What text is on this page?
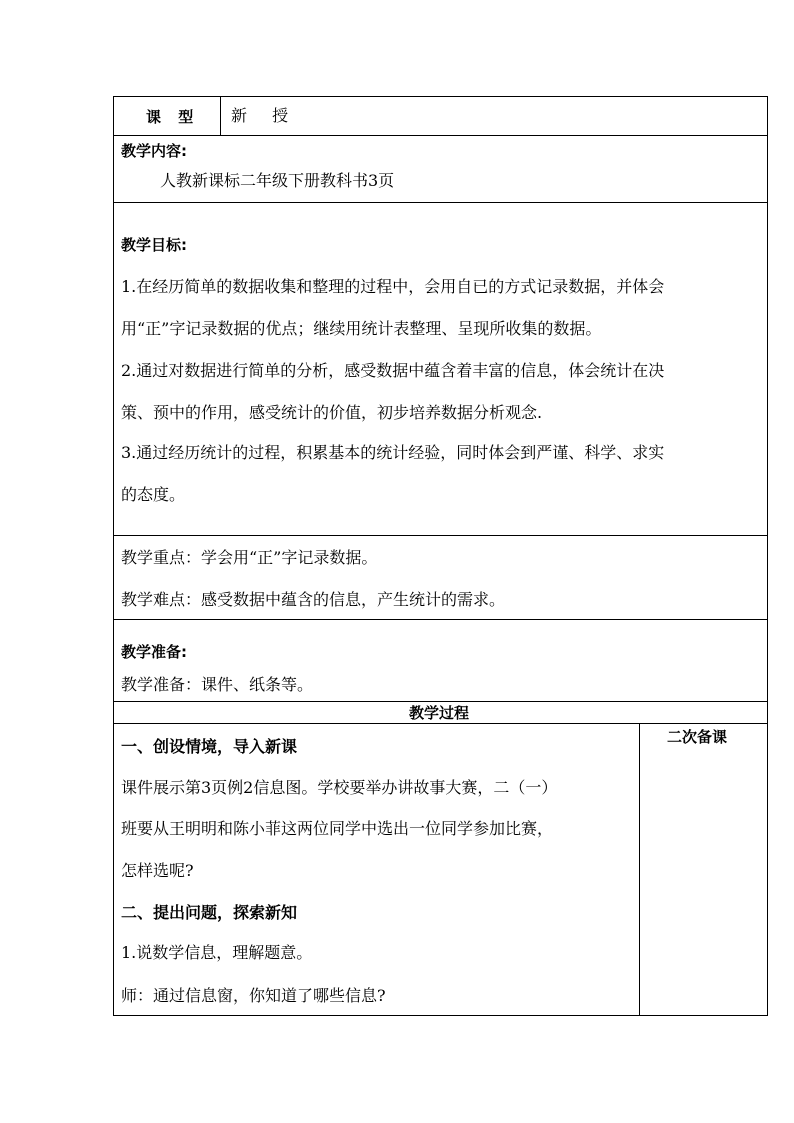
课 型 新 授
教学内容:
人教新课标二年级下册教科书3页
教学目标:
1.在经历简单的数据收集和整理的过程中，会用自已的方式记录数据，并体会
用“正”字记录数据的优点；继续用统计表整理、呈现所收集的数据。
2.通过对数据进行简单的分析，感受数据中蕴含着丰富的信息，体会统计在决
策、预中的作用，感受统计的价值，初步培养数据分析观念.
3.通过经历统计的过程，积累基本的统计经验，同时体会到严谨、科学、求实
的态度。
教学重点：学会用“正”字记录数据。
教学难点：感受数据中蕴含的信息，产生统计的需求。
教学准备:
教学准备：课件、纸条等。
教学过程
二次备课
一、创设情境，导入新课
课件展示第3页例2信息图。学校要举办讲故事大赛，二（一）
班要从王明明和陈小菲这两位同学中选出一位同学参加比赛，
怎样选呢?
二、提出问题，探索新知
1.说数学信息，理解题意。
师：通过信息窗，你知道了哪些信息?
